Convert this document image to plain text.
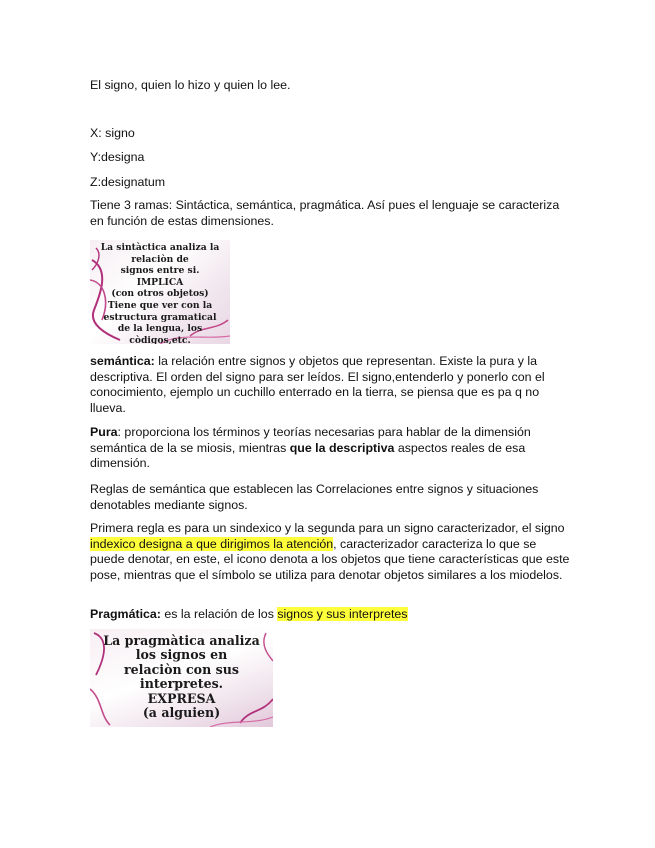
El signo, quien lo hizo y quien lo lee.

X: signo

Y:designa

Z:designatum

Tiene 3 ramas: Sintáctica, semántica, pragmática. Así pues el lenguaje se caracteriza en función de estas dimensiones.

La sintàctica analiza la
relaciòn de
signos entre si.
IMPLICA
(con otros objetos)
Tiene que ver con la
estructura gramatical
de la lengua, los
còdigos,etc.

semántica: la relación entre signos y objetos que representan. Existe la pura y la descriptiva. El orden del signo para ser leídos. El signo,entenderlo y ponerlo con el conocimiento, ejemplo un cuchillo enterrado en la tierra, se piensa que es pa q no llueva.

Pura: proporciona los términos y teorías necesarias para hablar de la dimensión semántica de la se miosis, mientras que la descriptiva aspectos reales de esa dimensión.

Reglas de semántica que establecen las Correlaciones entre signos y situaciones denotables mediante signos.

Primera regla es para un sindexico y la segunda para un signo caracterizador, el signo indexico designa a que dirigimos la atención, caracterizador caracteriza lo que se puede denotar, en este, el icono denota a los objetos que tiene características que este pose, mientras que el símbolo se utiliza para denotar objetos similares a los miodelos.

Pragmática: es la relación de los signos y sus interpretes

La pragmàtica analiza
los signos en
relaciòn con sus
interpretes.
EXPRESA
(a alguien)
